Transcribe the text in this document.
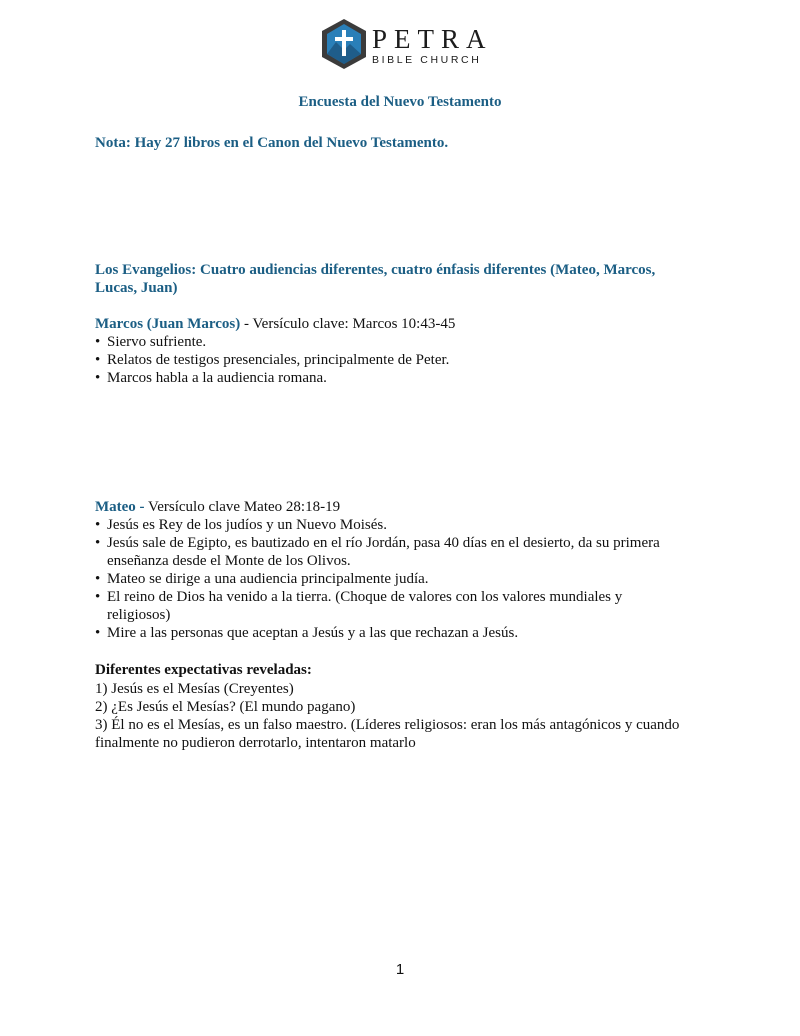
PETRA
BIBLE CHURCH
Encuesta del Nuevo Testamento
Nota: Hay 27 libros en el Canon del Nuevo Testamento.
Los Evangelios: Cuatro audiencias diferentes, cuatro énfasis diferentes (Mateo, Marcos,
Lucas, Juan)
Marcos (Juan Marcos) - Versículo clave: Marcos 10:43-45
• Siervo sufriente.
• Relatos de testigos presenciales, principalmente de Peter.
• Marcos habla a la audiencia romana.
Mateo - Versículo clave Mateo 28:18-19
• Jesús es Rey de los judíos y un Nuevo Moisés.
• Jesús sale de Egipto, es bautizado en el río Jordán, pasa 40 días en el desierto, da su primera enseñanza desde el Monte de los Olivos.
• Mateo se dirige a una audiencia principalmente judía.
• El reino de Dios ha venido a la tierra. (Choque de valores con los valores mundiales y religiosos)
• Mire a las personas que aceptan a Jesús y a las que rechazan a Jesús.
Diferentes expectativas reveladas:
1) Jesús es el Mesías (Creyentes)
2) ¿Es Jesús el Mesías? (El mundo pagano)
3) Él no es el Mesías, es un falso maestro. (Líderes religiosos: eran los más antagónicos y cuando
finalmente no pudieron derrotarlo, intentaron matarlo
1
